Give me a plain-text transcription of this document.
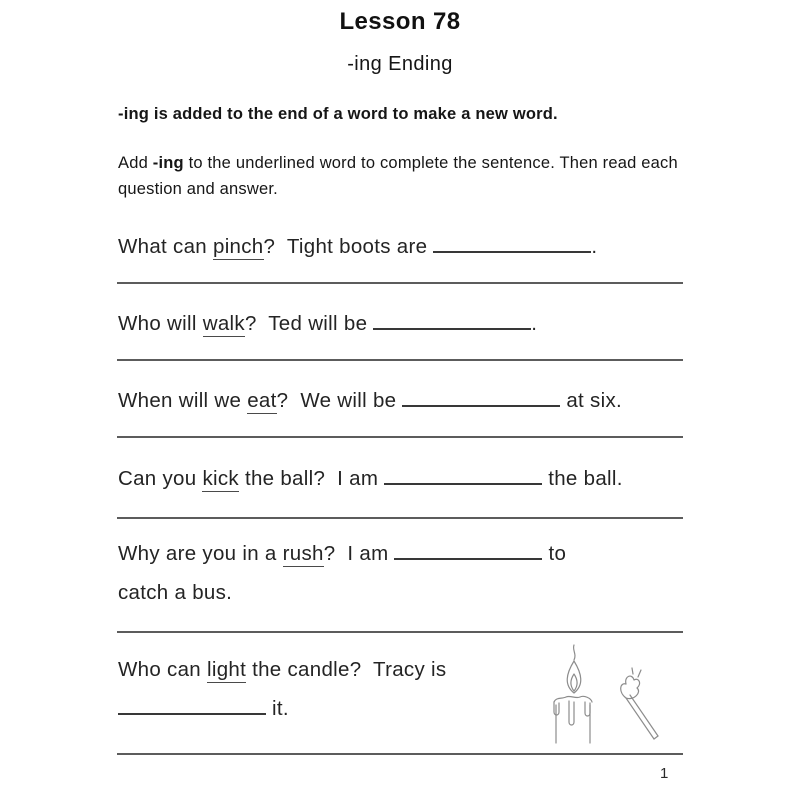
Lesson 78
-ing Ending
-ing is added to the end of a word to make a new word.
Add -ing to the underlined word to complete the sentence. Then read each question and answer.
What can pinch?  Tight boots are	.
Who will walk?  Ted will be	.
When will we eat?  We will be	at six.
Can you kick the ball?  I am	the ball.
Why are you in a rush?  I am	to
catch a bus.
Who can light the candle?  Tracy is
it.
1
